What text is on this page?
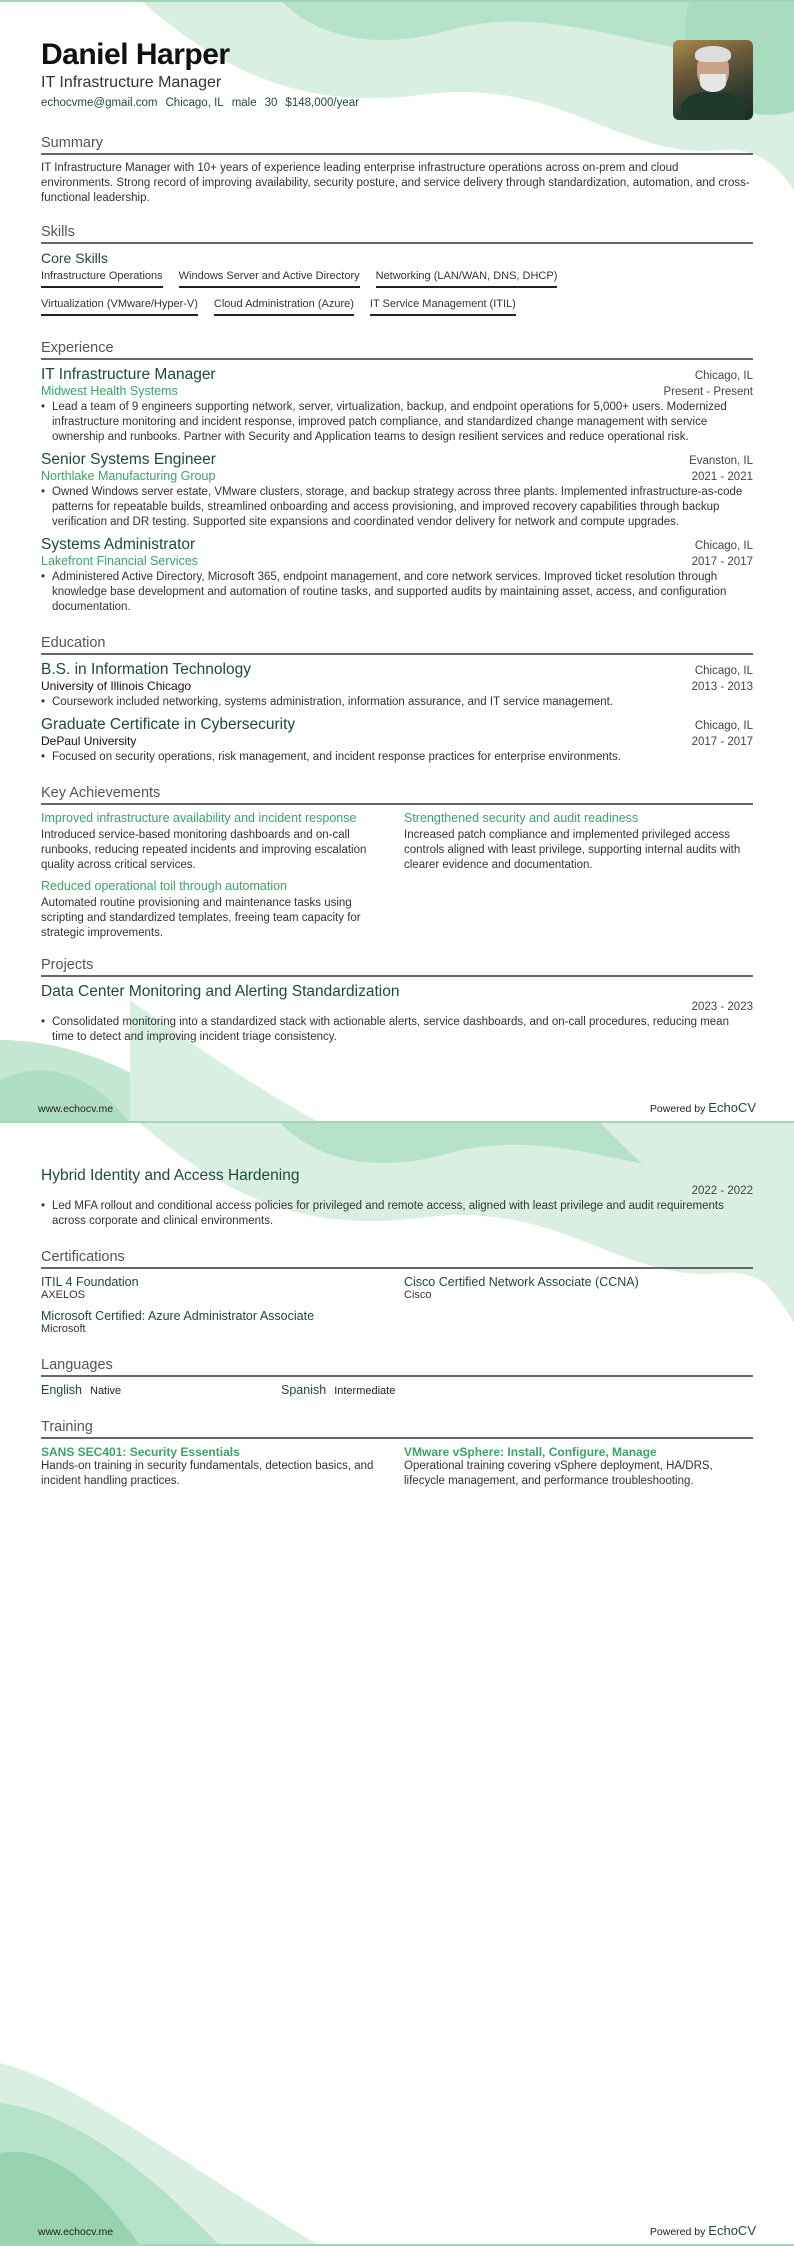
Daniel Harper
IT Infrastructure Manager
echocvme@gmail.com Chicago, IL male 30 $148,000/year
Summary
IT Infrastructure Manager with 10+ years of experience leading enterprise infrastructure operations across on-prem and cloud environments. Strong record of improving availability, security posture, and service delivery through standardization, automation, and cross-functional leadership.
Skills
Core Skills
Infrastructure Operations Windows Server and Active Directory Networking (LAN/WAN, DNS, DHCP)
Virtualization (VMware/Hyper-V) Cloud Administration (Azure) IT Service Management (ITIL)
Experience
IT Infrastructure Manager	Chicago, IL
Midwest Health Systems	Present - Present
• Lead a team of 9 engineers supporting network, server, virtualization, backup, and endpoint operations for 5,000+ users. Modernized infrastructure monitoring and incident response, improved patch compliance, and standardized change management with service ownership and runbooks. Partner with Security and Application teams to design resilient services and reduce operational risk.
Senior Systems Engineer	Evanston, IL
Northlake Manufacturing Group	2021 - 2021
• Owned Windows server estate, VMware clusters, storage, and backup strategy across three plants. Implemented infrastructure-as-code patterns for repeatable builds, streamlined onboarding and access provisioning, and improved recovery capabilities through backup verification and DR testing. Supported site expansions and coordinated vendor delivery for network and compute upgrades.
Systems Administrator	Chicago, IL
Lakefront Financial Services	2017 - 2017
• Administered Active Directory, Microsoft 365, endpoint management, and core network services. Improved ticket resolution through knowledge base development and automation of routine tasks, and supported audits by maintaining asset, access, and configuration documentation.
Education
B.S. in Information Technology	Chicago, IL
University of Illinois Chicago	2013 - 2013
• Coursework included networking, systems administration, information assurance, and IT service management.
Graduate Certificate in Cybersecurity	Chicago, IL
DePaul University	2017 - 2017
• Focused on security operations, risk management, and incident response practices for enterprise environments.
Key Achievements
Improved infrastructure availability and incident response
Introduced service-based monitoring dashboards and on-call runbooks, reducing repeated incidents and improving escalation quality across critical services.
Strengthened security and audit readiness
Increased patch compliance and implemented privileged access controls aligned with least privilege, supporting internal audits with clearer evidence and documentation.
Reduced operational toil through automation
Automated routine provisioning and maintenance tasks using scripting and standardized templates, freeing team capacity for strategic improvements.
Projects
Data Center Monitoring and Alerting Standardization
2023 - 2023
• Consolidated monitoring into a standardized stack with actionable alerts, service dashboards, and on-call procedures, reducing mean time to detect and improving incident triage consistency.
www.echocv.me	Powered by EchoCV
Hybrid Identity and Access Hardening
2022 - 2022
• Led MFA rollout and conditional access policies for privileged and remote access, aligned with least privilege and audit requirements across corporate and clinical environments.
Certifications
ITIL 4 Foundation
AXELOS
Cisco Certified Network Associate (CCNA)
Cisco
Microsoft Certified: Azure Administrator Associate
Microsoft
Languages
English Native	Spanish Intermediate
Training
SANS SEC401: Security Essentials
Hands-on training in security fundamentals, detection basics, and incident handling practices.
VMware vSphere: Install, Configure, Manage
Operational training covering vSphere deployment, HA/DRS, lifecycle management, and performance troubleshooting.
www.echocv.me	Powered by EchoCV
